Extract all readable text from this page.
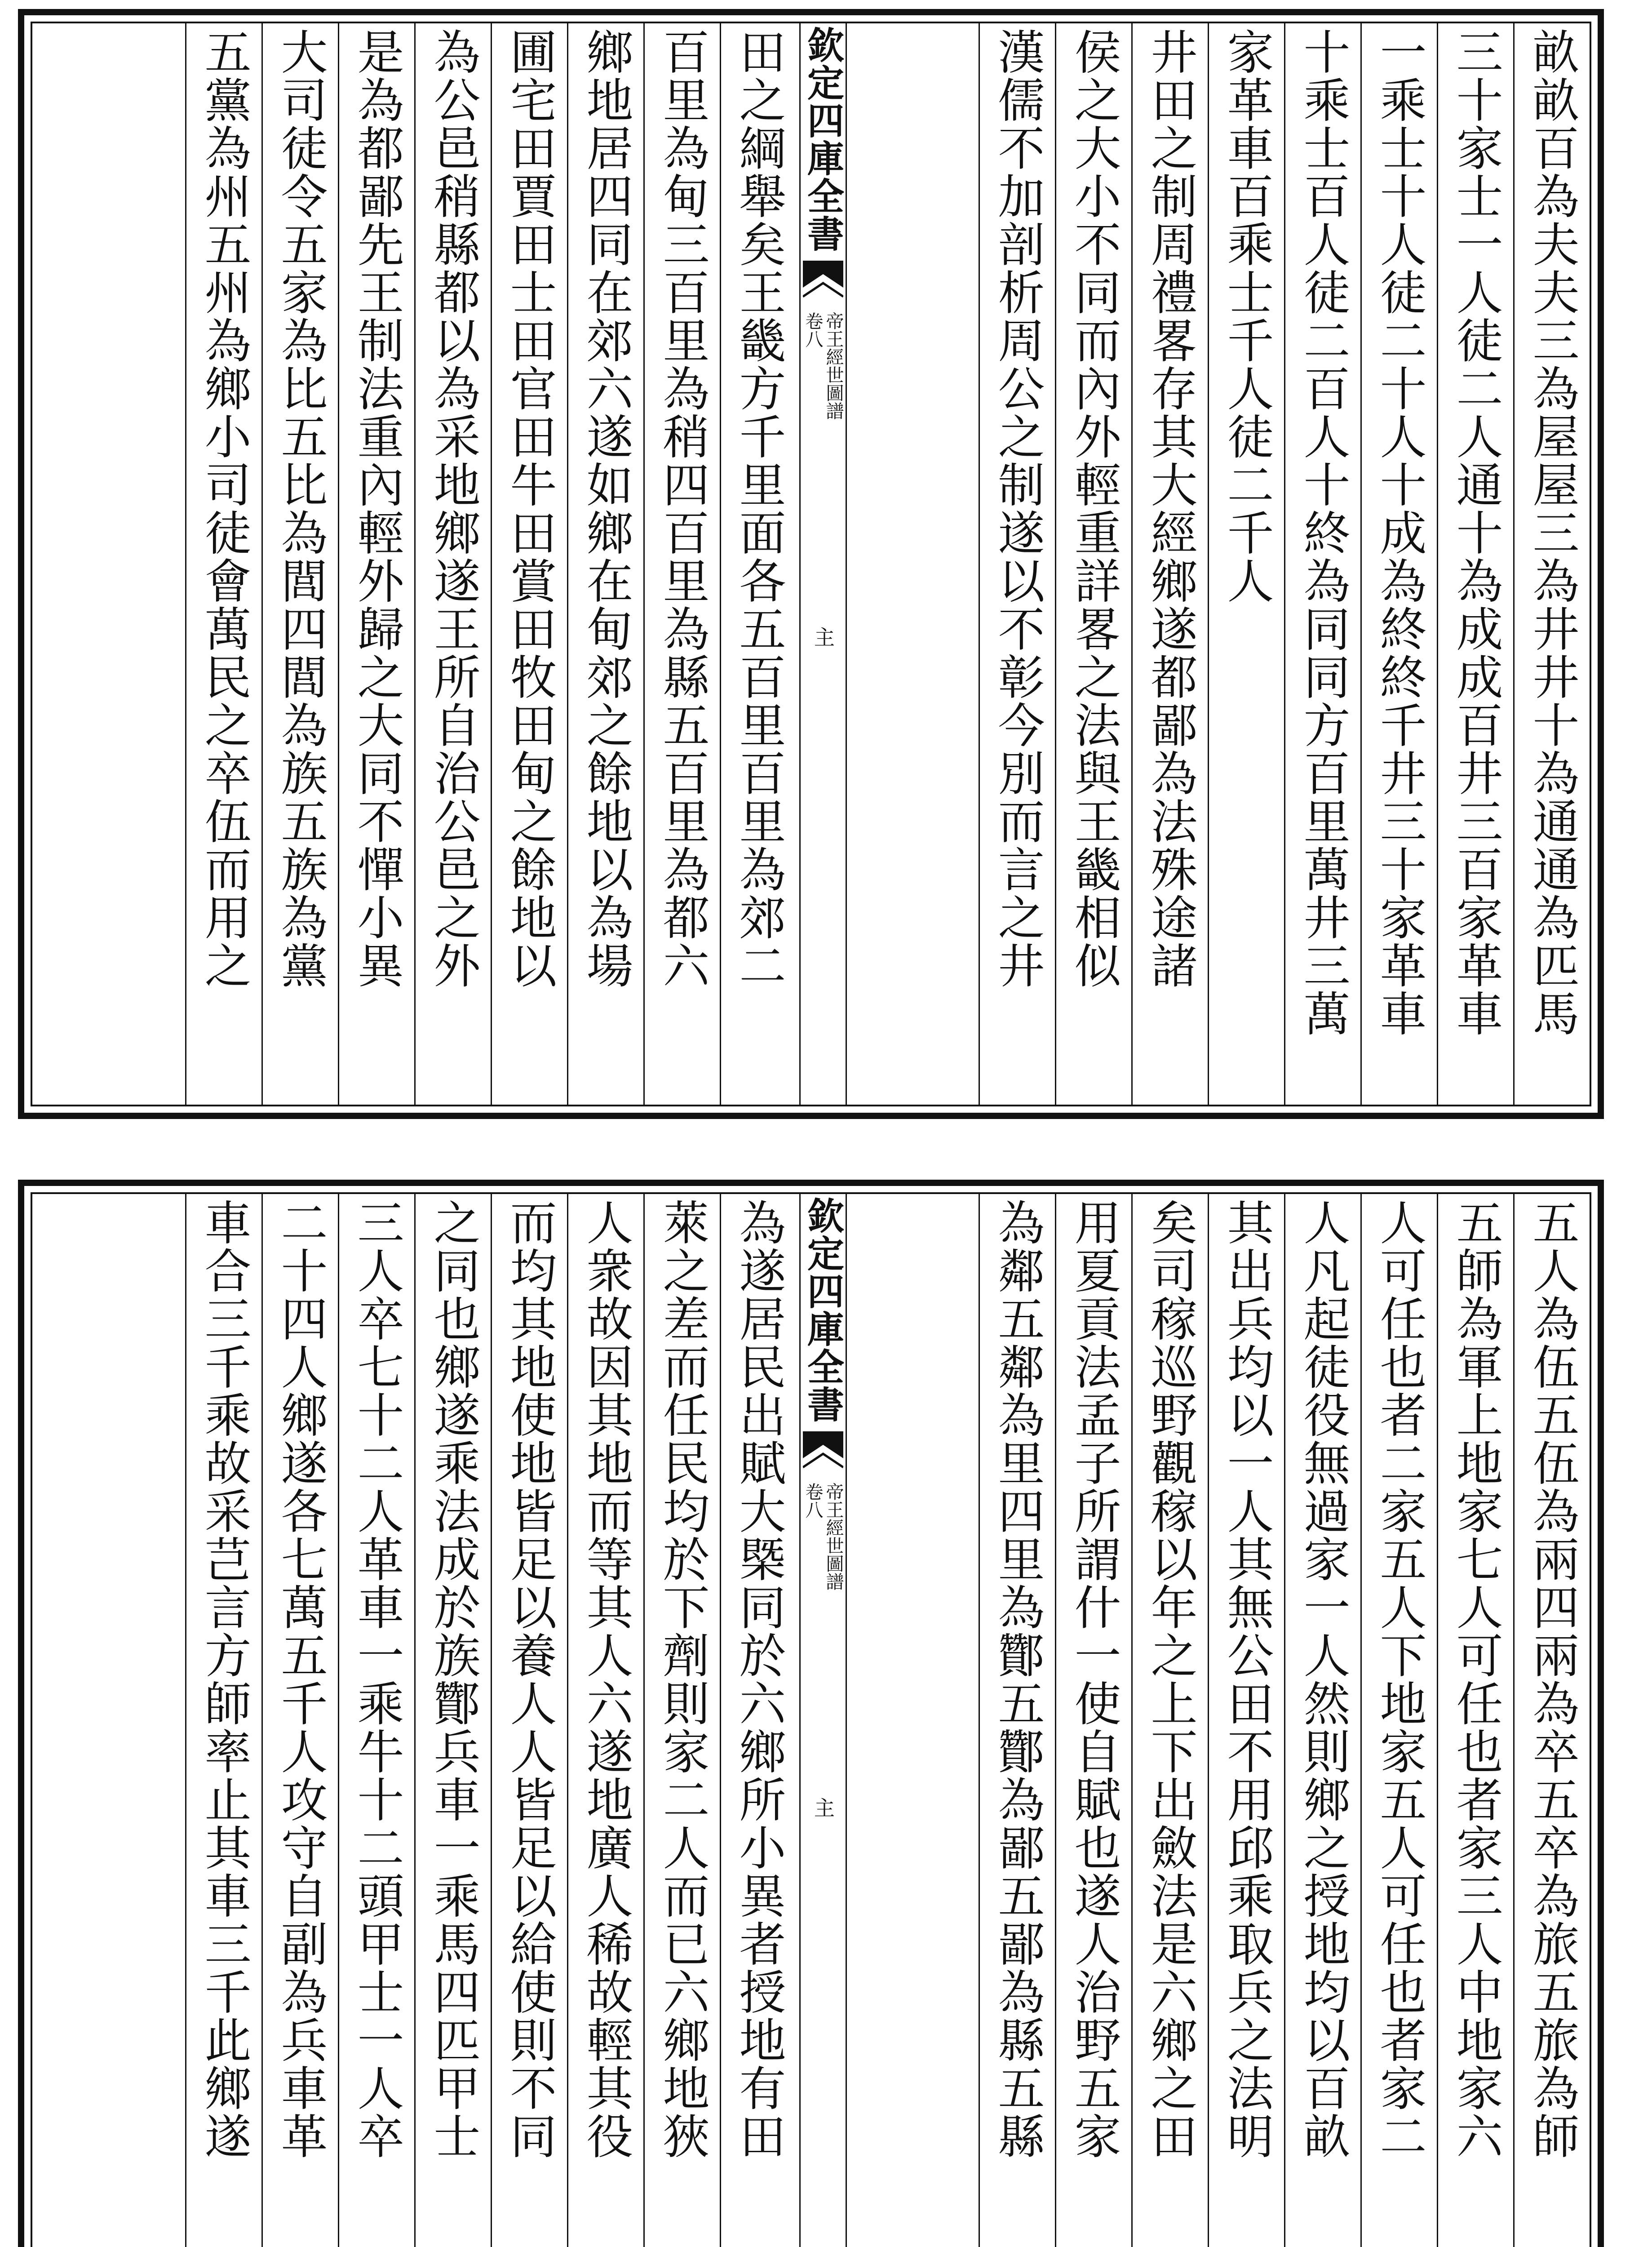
畝畝百為夫夫三為屋屋三為井井十為通通為匹馬
三十家士一人徒二人通十為成成百井三百家革車
一乘士十人徒二十人十成為終終千井三十家革車
十乘士百人徒二百人十終為同同方百里萬井三萬
家革車百乘士千人徒二千人
井田之制周禮畧存其大經鄉遂都鄙為法殊途諸
侯之大小不同而內外輕重詳畧之法與王畿相似
漢儒不加剖析周公之制遂以不彰今別而言之井
欽定四庫全書
帝王經世圖譜
卷八
主
田之綱舉矣王畿方千里面各五百里百里為郊二
百里為甸三百里為稍四百里為縣五百里為都六
鄉地居四同在郊六遂如鄉在甸郊之餘地以為場
圃宅田賈田士田官田牛田賞田牧田甸之餘地以
為公邑稍縣都以為采地鄉遂王所自治公邑之外
是為都鄙先王制法重內輕外歸之大同不憚小異
大司徒令五家為比五比為閭四閭為族五族為黨
五黨為州五州為鄉小司徒會萬民之卒伍而用之
五人為伍五伍為兩四兩為卒五卒為旅五旅為師
五師為軍上地家七人可任也者家三人中地家六
人可任也者二家五人下地家五人可任也者家二
人凡起徒役無過家一人然則鄉之授地均以百畝
其出兵均以一人其無公田不用邱乘取兵之法明
矣司稼巡野觀稼以年之上下出斂法是六鄉之田
用夏貢法孟子所謂什一使自賦也遂人治野五家
為鄰五鄰為里四里為酇五酇為鄙五鄙為縣五縣
欽定四庫全書
帝王經世圖譜
卷八
主
為遂居民出賦大槩同於六鄉所小異者授地有田
萊之差而任民均於下劑則家二人而已六鄉地狹
人衆故因其地而等其人六遂地廣人稀故輕其役
而均其地使地皆足以養人人皆足以給使則不同
之同也鄉遂乘法成於族酇兵車一乘馬四匹甲士
三人卒七十二人革車一乘牛十二頭甲士一人卒
二十四人鄉遂各七萬五千人攻守自副為兵車革
車合三千乘故采芑言方師率止其車三千此鄉遂
